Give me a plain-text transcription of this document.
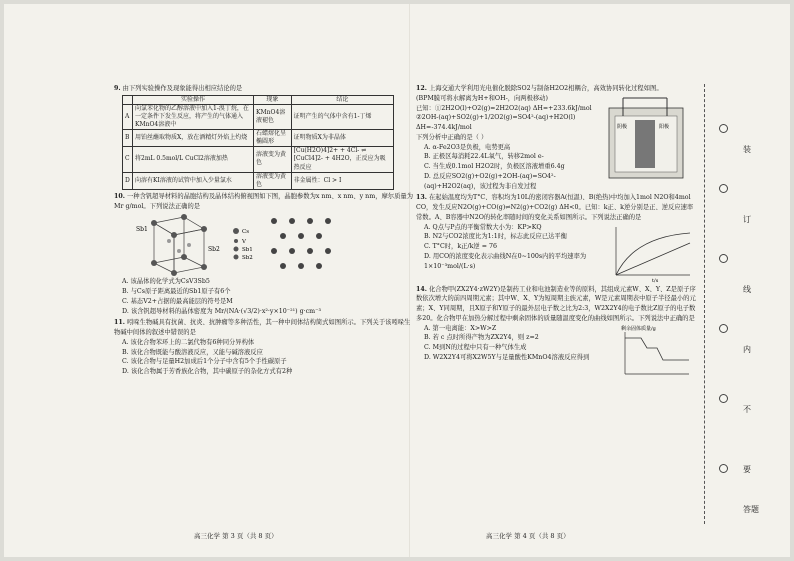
9. 由下列实验操作及现象能得出相应结论的是
	实验操作	现象	结论
A	向氯苯化物的乙醇溶液中加入1-溴丁烷，在一定条件下发生反应，将产生的气体通入KMnO4溶液中	KMnO4溶液褪色	证明产生的气体中含有1-丁烯
B	用铂丝蘸取物质X，放在酒精灯外焰上灼烧	石蜡熔化呈椭圆形	证明物质X为非晶体
C	将2mL 0.5mol/L CuCl2溶液加热	溶液变为黄色	[Cu(H2O)4]2+ + 4Cl- ⇌ [CuCl4]2- + 4H2O，正反应为吸热反应
D	向溶有KI溶液的试管中加入少量氯水	溶液变为黄色	非金属性：Cl > I
10. 一种含钒超导材料的晶胞结构及晶体结构俯视图如下图，晶胞参数为x nm、x nm、y nm，摩尔质量为Mr g/mol。下列说法正确的是
Sb1
Sb2
Cs
V
Sb1
Sb2
A. 该晶体的化学式为CsV3Sb5
B. 与Cs原子距离最近的Sb1原子有6个
C. 基态V2+占据的最高能层的符号是M
D. 该含钒超导材料的晶体密度为 Mr/(NA·(√3/2)·x²·y×10⁻²¹) g·cm⁻³
11. 吲哚生物碱具有抗菌、抗炎、抗肿瘤等多种活性，其一种中间体结构简式如图所示。下列关于该吲哚生物碱中间体的叙述中错误的是
A. 该化合物苯环上的二氯代物有6种同分异构体
B. 该化合物既能与酸溶液反应，又能与碱溶液反应
C. 该化合物与足量H2加成后1个分子中含有5个手性碳原子
D. 该化合物属于芳香族化合物，其中碳原子的杂化方式有2种
高三化学 第 3 页（共 8 页）
12. 上海交通大学利用光电催化脱除SO2与制备H2O2相耦合，高效协同转化过程如图。
(BPM膜可将水解离为H+和OH-，向两极移动)
已知：①2H2O(l)+O2(g)=2H2O2(aq) ΔH=+233.6kJ/mol
②2OH-(aq)+SO2(g)+1/2O2(g)=SO4²-(aq)+H2O(l) ΔH=-374.4kJ/mol
下列分析中正确的是（ ）
A. α-Fe2O3是负极，电势更高
B. 正极区每消耗22.4L氧气，转移2mol e-
C. 当生成0.1mol H2O2时，负极区溶液增重6.4g
D. 总反应SO2(g)+O2(g)+2OH-(aq)=SO4²-(aq)+H2O2(aq)，该过程为非自发过程
阴极	阳极
13. 在起始温度均为T°C、容积均为10L的密闭容器A(恒温)、B(绝热)中均加入1mol N2O和4mol CO，发生反应N2O(g)+CO(g)⇌N2(g)+CO2(g) ΔH<0。已知：k正、k逆分别是正、逆反应速率常数。A、B容器中N2O的转化率随时间的变化关系如图所示。下列说法正确的是
A. Q点与P点的平衡常数大小为：KP>KQ
B. N2与CO2浓度比为1:1时，标志此反应已达平衡
C. T°C时，k正/k逆 = 76
D. 用CO的浓度变化表示曲线N在0~100s内的平均速率为1×10⁻³mol/(L·s)
t/s
14. 化合物甲(ZX2Y4·zW2Y)是制药工业和电池制造业等的原料，其组成元素W、X、Y、Z是原子序数依次增大的前四周期元素；其中W、X、Y为短周期主族元素，W是元素周期表中原子半径最小的元素；X、Y同周期，且X原子和Y原子的最外层电子数之比为2:3，W2X2Y4的电子数比Z原子的电子数多20。化合物甲在加热分解过程中剩余固体的质量随温度变化的曲线如图所示。下列说法中正确的是
A. 第一电离能：X>W>Z
B. 若 c 点时所得产物为ZX2Y4，则 z=2
C. M到N的过程中只有一种气体生成
D. W2X2Y4可将X2W5Y与足量酸性KMnO4溶液反应得到
剩余固体质量/g
高三化学 第 4 页（共 8 页）
装
订
线
内
不
要
答题
